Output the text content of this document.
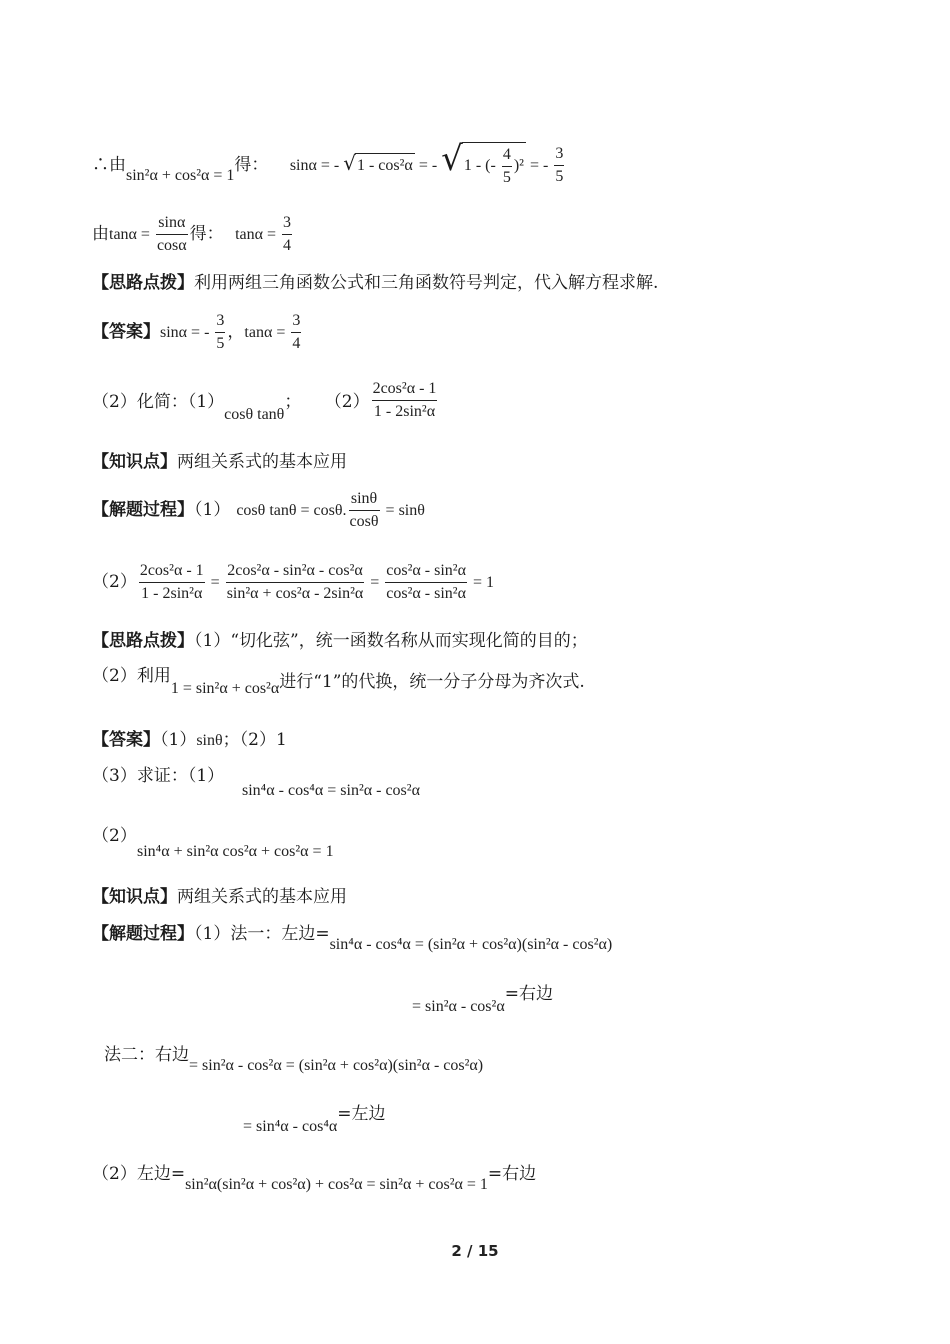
∴由sin²α + cos²α = 1得： sinα = - √1 - cos²α = - √1 - (- $\frac{4}{5} )^2$ = - $\frac{3}{5}$
由$\tan\alpha = \frac{\sin\alpha}{\cos\alpha}$ 得： $\tan\alpha = \frac{3}{4}$
【思路点拨】利用两组三角函数公式和三角函数符号判定，代入解方程求解.
【答案】sinα = - $\frac{3}{5}$ ，$\tan\alpha = \frac{3}{4}$
（2）化简：（1）cosθ tanθ； $(2) \frac{\text{2cos²α - 1}}{\text{1 - 2sin²α}}$
【知识点】两组关系式的基本应用
【解题过程】（1） cosθ tanθ = cosθ. $\frac{\sin\theta}{\cos\theta} = \sin\theta$
$(2) \frac{\text{2cos²α - 1}}{\text{1 - 2sin²α}} = \frac{\text{2cos²α - sin²α - cos²α}}{\text{sin²α + cos²α - 2sin²α}} = \frac{\text{cos²α - sin²α}}{\text{cos²α - sin²α}} = 1$
【思路点拨】（1）“切化弦”，统一函数名称从而实现化简的目的；
（2）利用1 = sin²α + cos²α进行“1”的代换，统一分子分母为齐次式.
【答案】（1）sinθ；（2）1
（3）求证：（1）
sin⁴α - cos⁴α = sin²α - cos²α
（2）
sin⁴α + sin²α cos²α + cos²α = 1
【知识点】两组关系式的基本应用
【解题过程】（1）法一：左边=sin⁴α - cos⁴α = (sin²α + cos²α)(sin²α - cos²α)
= sin²α - cos²α=右边
法二：右边= sin²α - cos²α = (sin²α + cos²α)(sin²α - cos²α)
= sin⁴α - cos⁴α=左边
（2）左边=sin²α(sin²α + cos²α) + cos²α = sin²α + cos²α = 1=右边
2 / 15
